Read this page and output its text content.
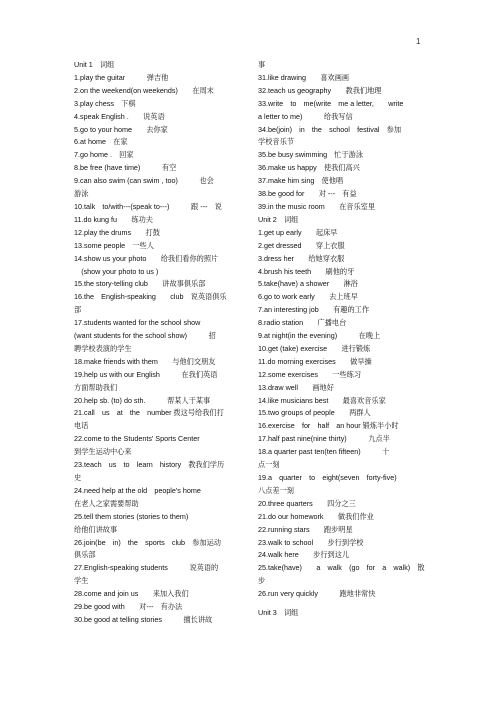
1
Unit 1　词组
1.play the guitar　　　弹吉他
2.on the weekend(on weekends)　　在周末
3.play chess　下棋
4.speak English .　　说英语
5.go to your home　　去你家
6.at home　在家
7.go home .　回家
8.be free (have time)　　　有空
9.can also swim (can swim , too)　　　也会
游泳
10.talk　to/with---(speak to---)　　　跟 ---　说
11.do kung fu　　练功夫
12.play the drums　　打鼓
13.some people　一些人
14.show us your photo　　给我们看你的照片
　(show your photo to us )
15.the story-telling club　　讲故事俱乐部
16.the　English-speaking　　club　说英语俱乐
部
17.students wanted for the school show
(want students for the school show)　　　招
聘学校表演的学生
18.make friends with them　　与他们交朋友
19.help us with our English　　　在我们英语
方面帮助我们
20.help sb. (to) do sth.　　　帮某人干某事
21.call　us　at　the　number 拨这号给我们打
电话
22.come to the Students' Sports Center
到学生运动中心来
23.teach　us　to　learn　history　教我们学历
史
24.need help at the old　people's home
在老人之家需要帮助
25.tell them stories (stories to them)
给他们讲故事
26.join(be　in)　the　sports　club　参加运动
俱乐部
27.English-speaking students　　　说英语的
学生
28.come and join us　　来加入我们
29.be good with　　对---　有办法
30.be good at telling stories　　　擅长讲故
事
31.like drawing　　喜欢画画
32.teach us geography　　教我们地理
33.write　to　me(write　me a letter,　　write
a letter to me)　　　给我写信
34.be(join)　in　the　school　festival　参加
学校音乐节
35.be busy swimming　忙于游泳
36.make us happy　使我们高兴
37.make him sing　使他唱
38.be good for　　对 ---　有益
39.in the music room　　在音乐室里
Unit 2　词组
1.get up early　　起床早
2.get dressed　　穿上衣服
3.dress her　　给她穿衣服
4.brush his teeth　　刷他的牙
5.take(have) a shower　　淋浴
6.go to work early　　去上班早
7.an interesting job　　有趣的工作
8.radio station　　广播电台
9.at night(in the evening)　　　在晚上
10.get (take) exercise　　进行锻炼
11.do morning exercises　　做早操
12.some exercises　　一些练习
13.draw well　　画地好
14.like musicians best　　最喜欢音乐家
15.two groups of people　　两群人
16.exercise　for　half　an hour 锻炼半小时
17.half past nine(nine thirty)　　　九点半
18.a quarter past ten(ten fifteen)　　　十
点一刻
19.a　quarter　to　eight(seven　forty-five)
八点差一刻
20.three quarters　　四分之三
21.do our homework　　做我们作业
22.running stars　　跑步明星
23.walk to school　　步行到学校
24.walk here　　步行到这儿
25.take(have)　　a　walk　(go　for　a　walk)　散
步
26.run very quickly　　　跑地非常快
Unit 3　词组
